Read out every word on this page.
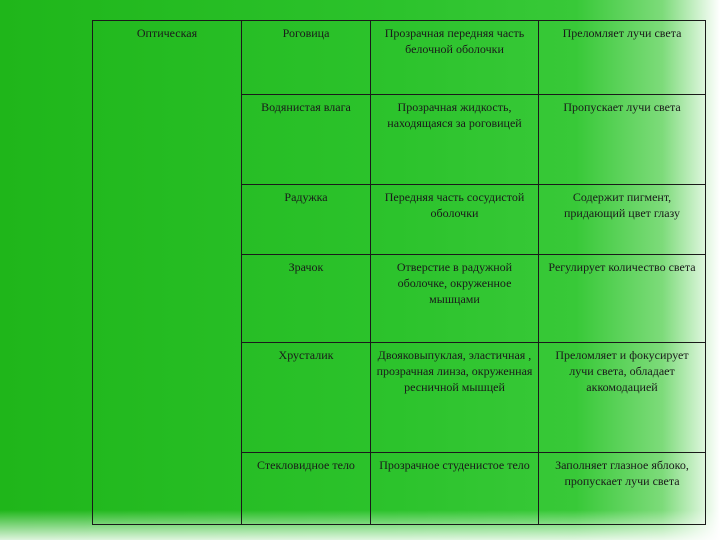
Оптическая	Роговица	Прозрачная передняя часть белочной оболочки	Преломляет лучи света
	Водянистая влага	Прозрачная жидкость, находящаяся за роговицей	Пропускает лучи света
	Радужка	Передняя часть сосудистой оболочки	Содержит пигмент, придающий цвет глазу
	Зрачок	Отверстие в радужной оболочке, окруженное мышцами	Регулирует количество света
	Хрусталик	Двояковыпуклая, эластичная , прозрачная линза, окруженная ресничной мышцей	Преломляет и фокусирует лучи света, обладает аккомодацией
	Стекловидное тело	Прозрачное студенистое тело	Заполняет глазное яблоко, пропускает лучи света
